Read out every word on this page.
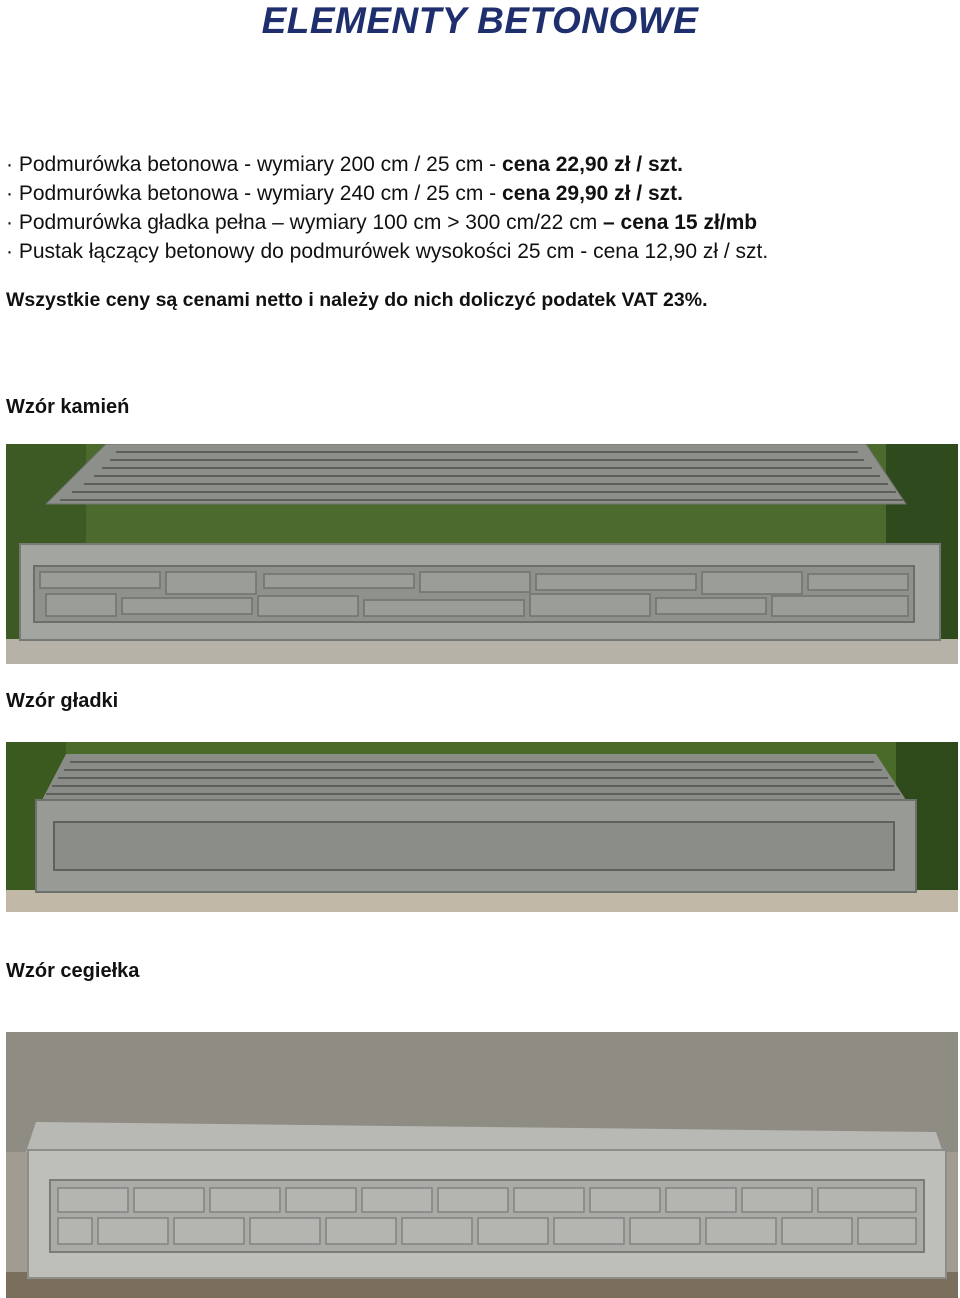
ELEMENTY BETONOWE
· Podmurówka betonowa - wymiary 200 cm / 25 cm - cena 22,90 zł / szt.
· Podmurówka betonowa - wymiary 240 cm / 25 cm - cena 29,90 zł / szt.
· Podmurówka gładka pełna – wymiary 100 cm > 300 cm/22 cm – cena 15 zł/mb
· Pustak łączący betonowy do podmurówek wysokości 25 cm - cena 12,90 zł / szt.
Wszystkie ceny są cenami netto i należy do nich doliczyć podatek VAT 23%.
Wzór kamień
Wzór gładki
Wzór cegiełka
